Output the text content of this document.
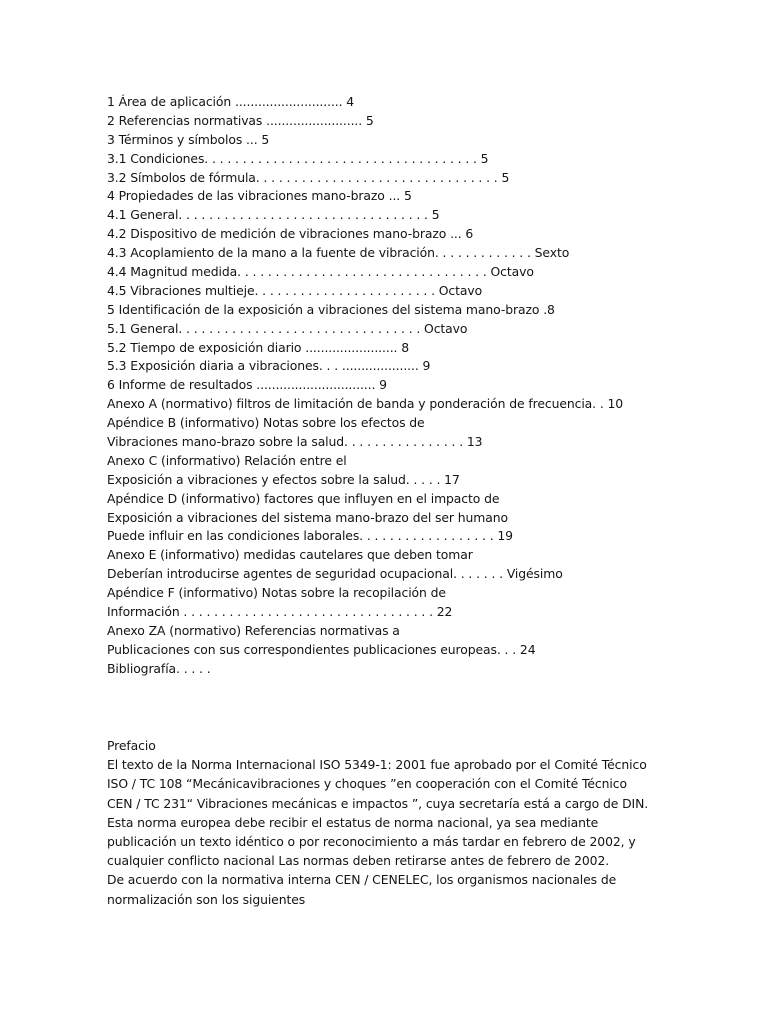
1 Área de aplicación ............................ 4
2 Referencias normativas ......................... 5
3 Términos y símbolos ... 5
3.1 Condiciones. . . . . . . . . . . . . . . . . . . . . . . . . . . . . . . . . . . . 5
3.2 Símbolos de fórmula. . . . . . . . . . . . . . . . . . . . . . . . . . . . . . . . 5
4 Propiedades de las vibraciones mano-brazo ... 5
4.1 General. . . . . . . . . . . . . . . . . . . . . . . . . . . . . . . . . 5
4.2 Dispositivo de medición de vibraciones mano-brazo ... 6
4.3 Acoplamiento de la mano a la fuente de vibración. . . . . . . . . . . . . Sexto
4.4 Magnitud medida. . . . . . . . . . . . . . . . . . . . . . . . . . . . . . . . . Octavo
4.5 Vibraciones multieje. . . . . . . . . . . . . . . . . . . . . . . . Octavo
5 Identificación de la exposición a vibraciones del sistema mano-brazo .8
5.1 General. . . . . . . . . . . . . . . . . . . . . . . . . . . . . . . . Octavo
5.2 Tiempo de exposición diario ........................ 8
5.3 Exposición diaria a vibraciones. . . .................... 9
6 Informe de resultados ............................... 9
Anexo A (normativo) filtros de limitación de banda y ponderación de frecuencia. . 10
Apéndice B (informativo) Notas sobre los efectos de
Vibraciones mano-brazo sobre la salud. . . . . . . . . . . . . . . . 13
Anexo C (informativo) Relación entre el
Exposición a vibraciones y efectos sobre la salud. . . . . 17
Apéndice D (informativo) factores que influyen en el impacto de
Exposición a vibraciones del sistema mano-brazo del ser humano
Puede influir en las condiciones laborales. . . . . . . . . . . . . . . . . . 19
Anexo E (informativo) medidas cautelares que deben tomar
Deberían introducirse agentes de seguridad ocupacional. . . . . . . Vigésimo
Apéndice F (informativo) Notas sobre la recopilación de
Información . . . . . . . . . . . . . . . . . . . . . . . . . . . . . . . . . 22
Anexo ZA (normativo) Referencias normativas a
Publicaciones con sus correspondientes publicaciones europeas. . . 24
Bibliografía. . . . .
Prefacio
El texto de la Norma Internacional ISO 5349-1: 2001 fue aprobado por el Comité Técnico
ISO / TC 108 “Mecánicavibraciones y choques ”en cooperación con el Comité Técnico
CEN / TC 231“ Vibraciones mecánicas e impactos ”, cuya secretaría está a cargo de DIN.
Esta norma europea debe recibir el estatus de norma nacional, ya sea mediante
publicación un texto idéntico o por reconocimiento a más tardar en febrero de 2002, y
cualquier conflicto nacional Las normas deben retirarse antes de febrero de 2002.
De acuerdo con la normativa interna CEN / CENELEC, los organismos nacionales de
normalización son los siguientes
